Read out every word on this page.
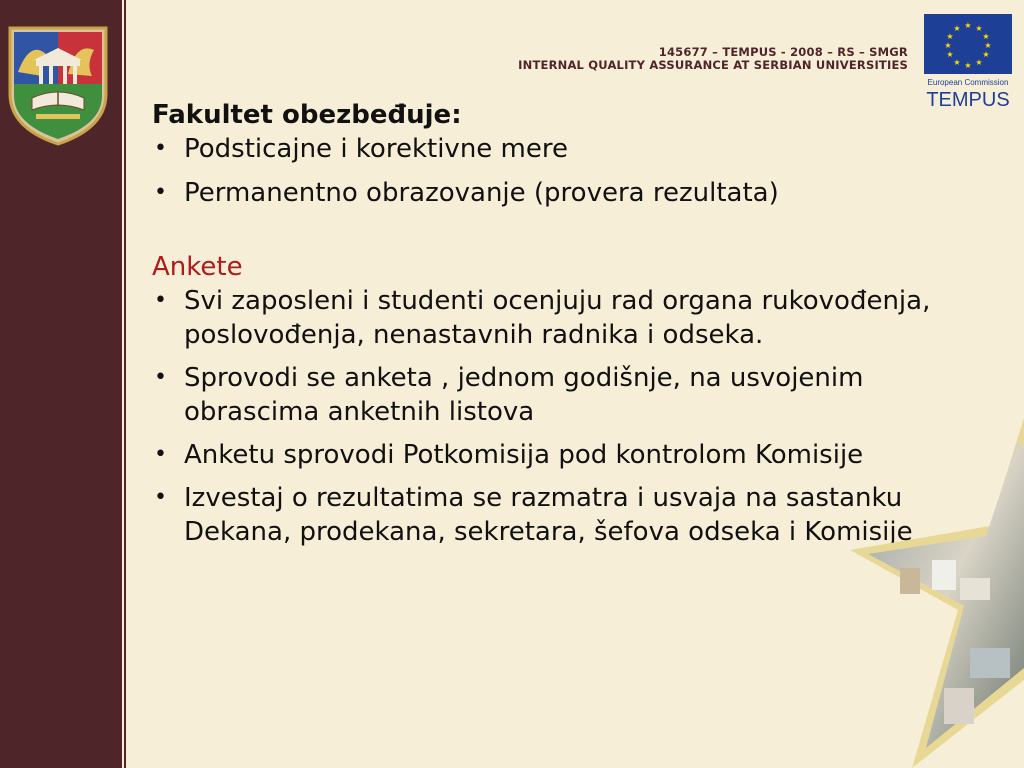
145677 – TEMPUS - 2008 – RS – SMGR
INTERNAL QUALITY ASSURANCE AT SERBIAN UNIVERSITIES
★ ★
★
★
★
★
★
★
★
★
★
★
European Commission
TEMPUS

Fakultet obezbeđuje:

• Podsticajne i korektivne mere
• Permanentno obrazovanje (provera rezultata)

Ankete

• Svi zaposleni i studenti ocenjuju rad organa rukovođenja, poslovođenja, nenastavnih radnika i odseka.
• Sprovodi se anketa , jednom godišnje, na usvojenim obrascima anketnih listova
• Anketu sprovodi Potkomisija pod kontrolom Komisije
• Izvestaj o rezultatima se razmatra i usvaja na sastanku Dekana, prodekana, sekretara, šefova odseka i Komisije
